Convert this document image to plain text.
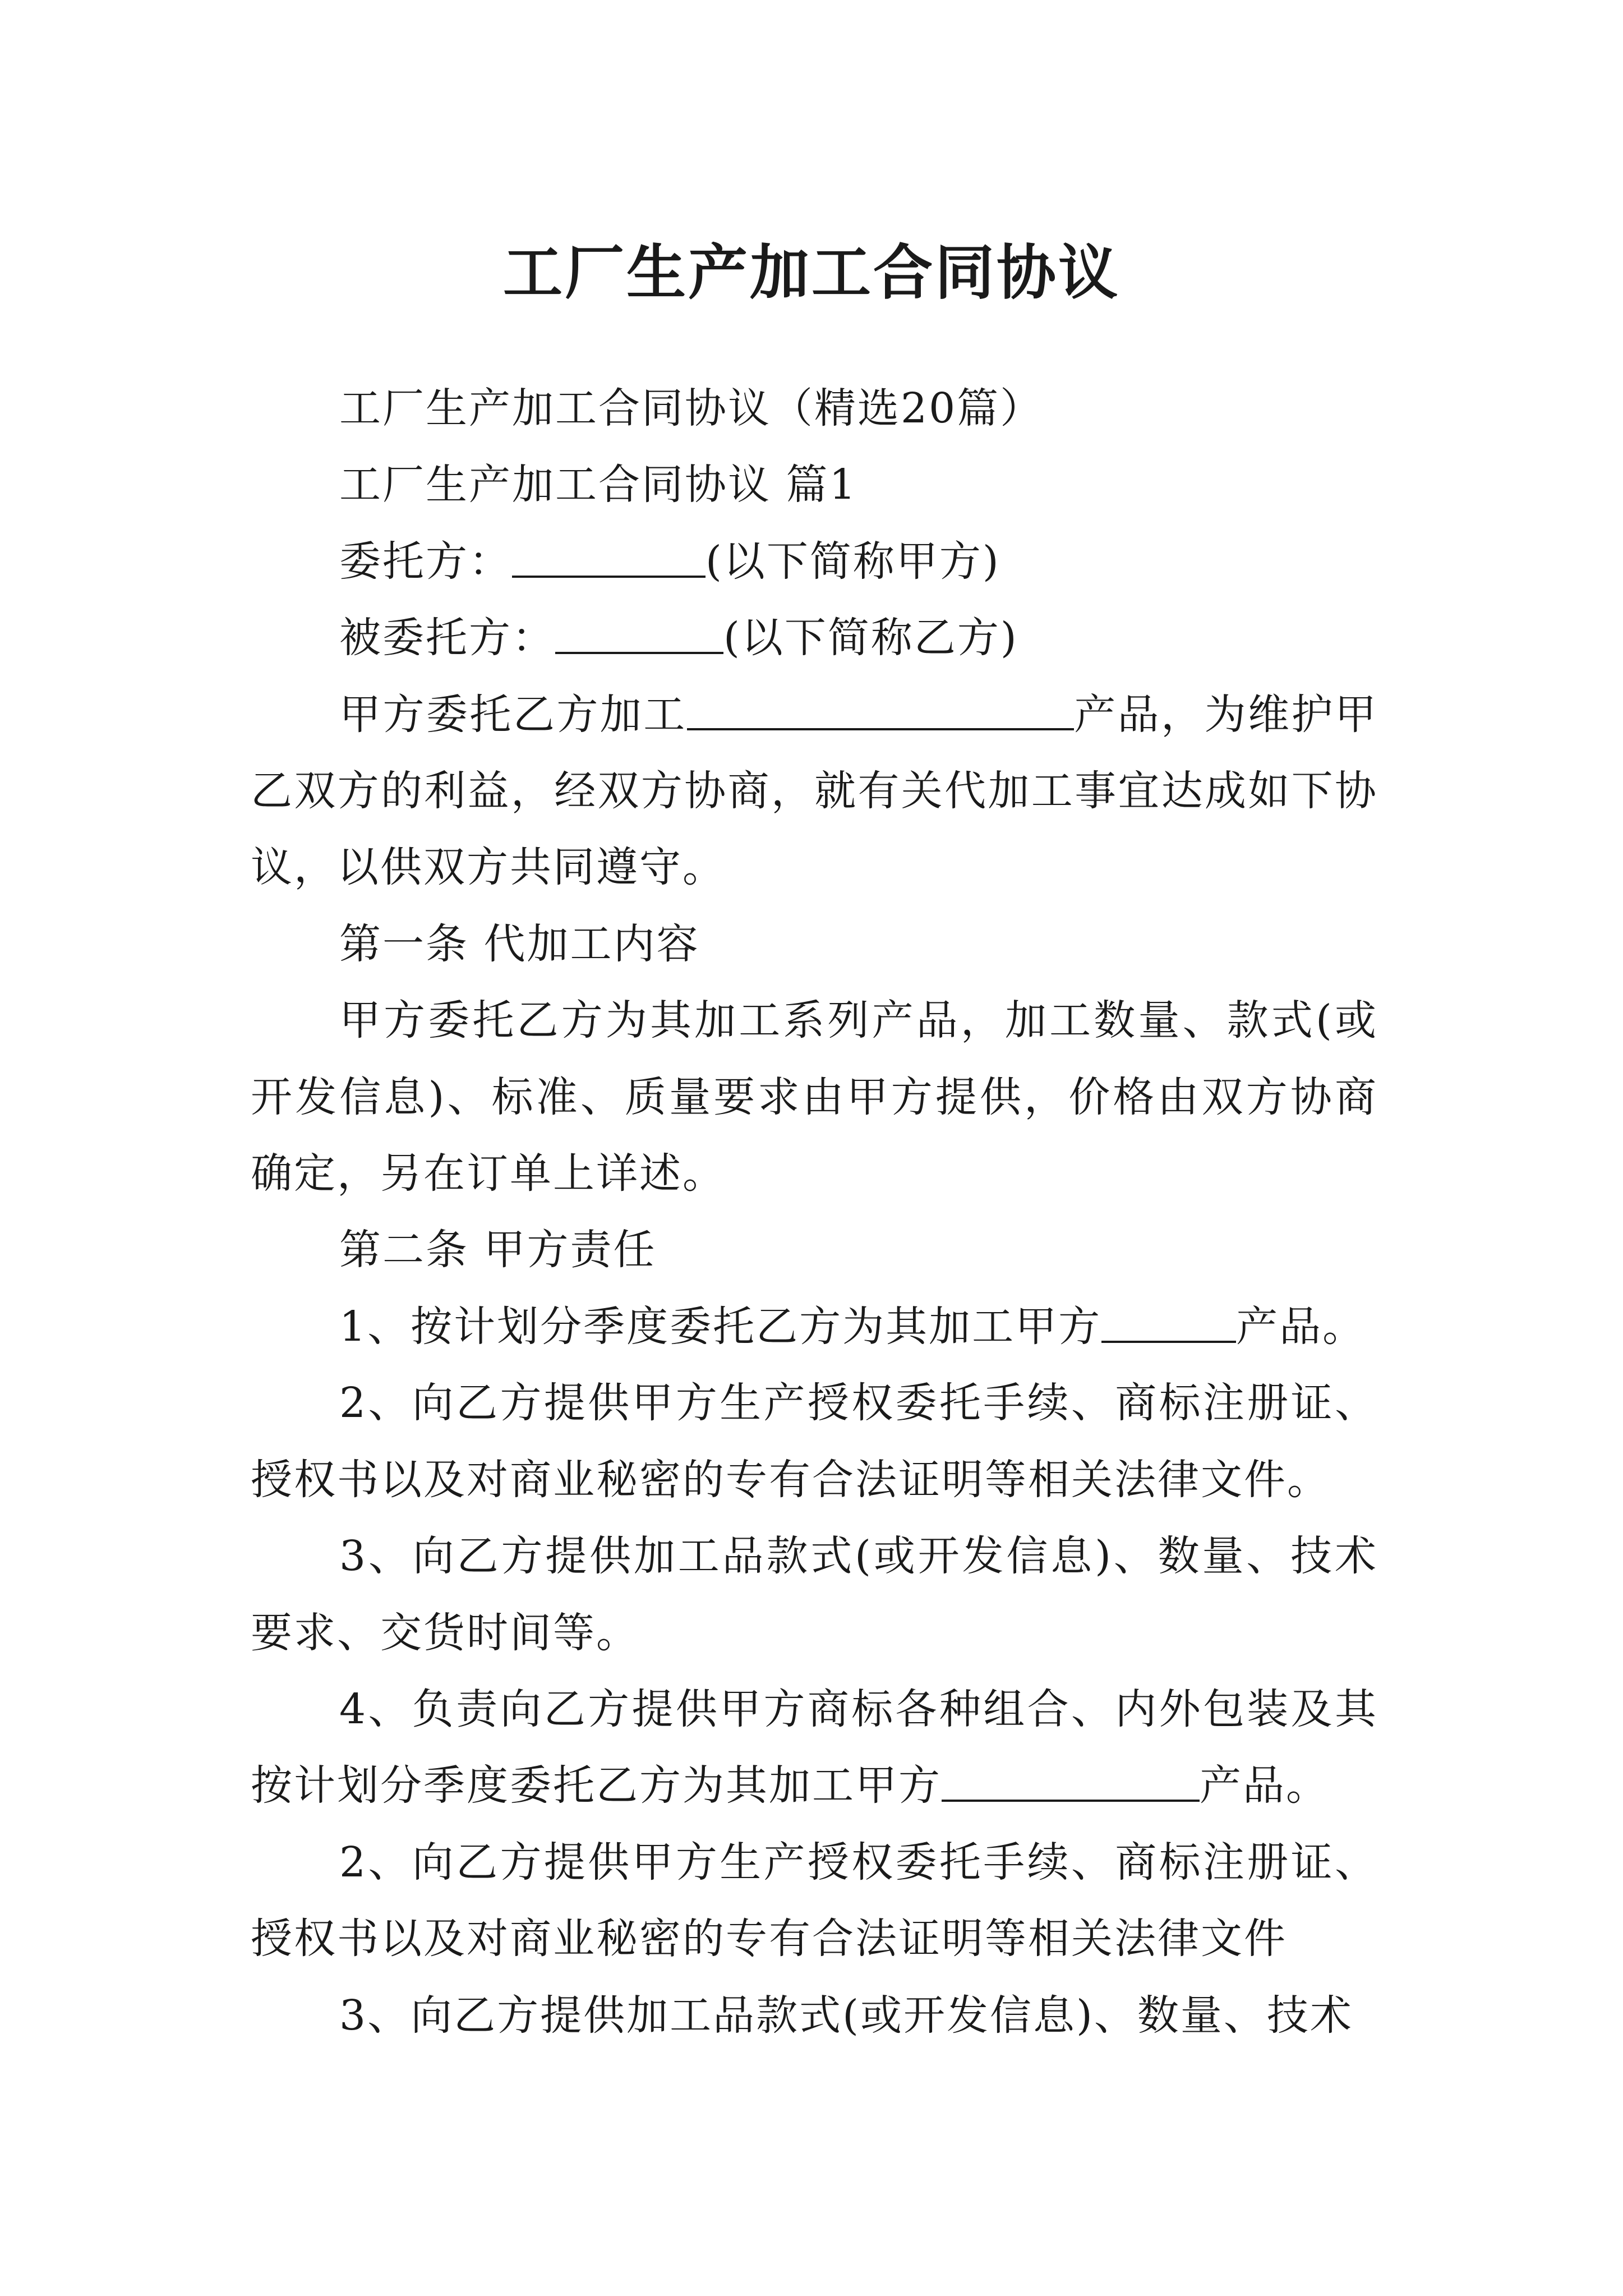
工厂生产加工合同协议

工厂生产加工合同协议（精选20篇）

工厂生产加工合同协议 篇1

委托方：	(以下简称甲方)

被委托方：	(以下简称乙方)

甲方委托乙方加工	产品，为维护甲乙双方的利益，经双方协商，就有关代加工事宜达成如下协议，以供双方共同遵守。

第一条 代加工内容

甲方委托乙方为其加工系列产品，加工数量、款式(或开发信息)、标准、质量要求由甲方提供，价格由双方协商确定，另在订单上详述。

第二条 甲方责任

1、按计划分季度委托乙方为其加工甲方	产品。

2、向乙方提供甲方生产授权委托手续、商标注册证、授权书以及对商业秘密的专有合法证明等相关法律文件。

3、向乙方提供加工品款式(或开发信息)、数量、技术要求、交货时间等。

4、负责向乙方提供甲方商标各种组合、内外包装及其按计划分季度委托乙方为其加工甲方	产品。

2、向乙方提供甲方生产授权委托手续、商标注册证、授权书以及对商业秘密的专有合法证明等相关法律文件

3、向乙方提供加工品款式(或开发信息)、数量、技术
